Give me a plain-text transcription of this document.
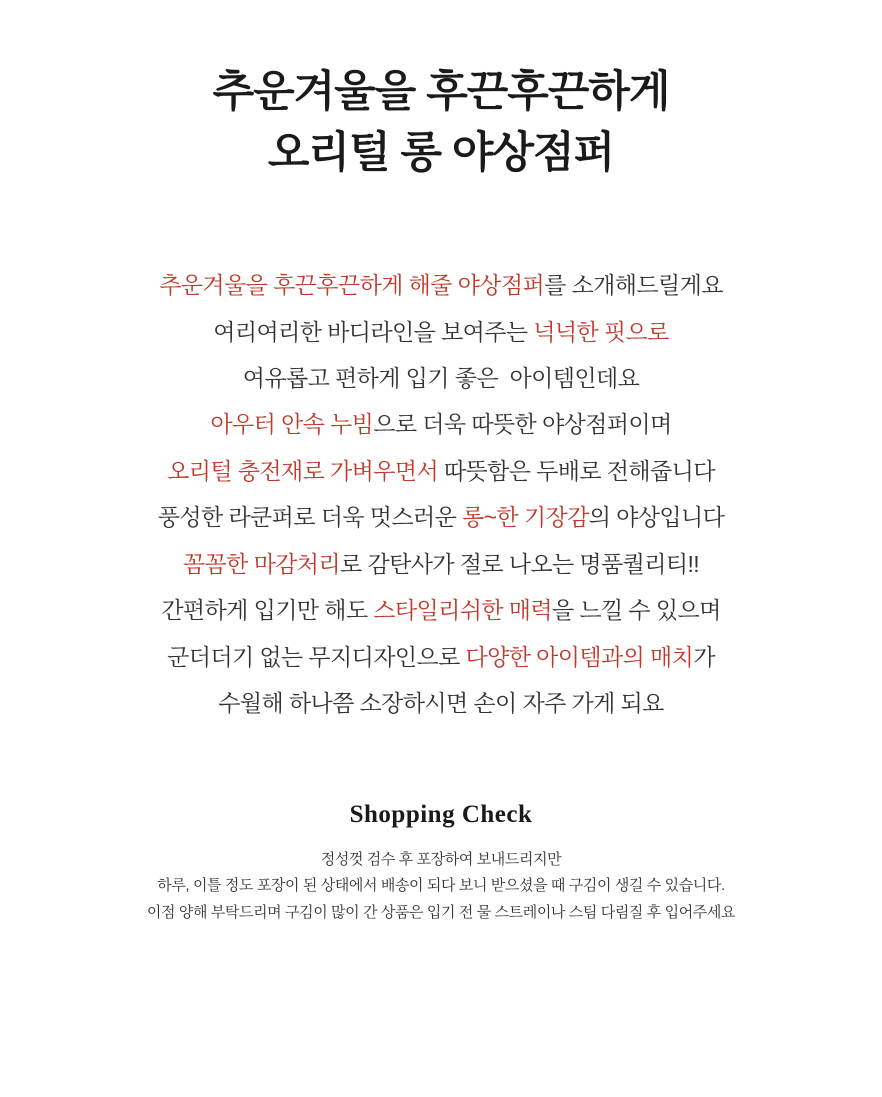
추운겨울을 후끈후끈하게
오리털 롱 야상점퍼
추운겨울을 후끈후끈하게 해줄 야상점퍼를 소개해드릴게요
여리여리한 바디라인을 보여주는 넉넉한 핏으로
여유롭고 편하게 입기 좋은  아이템인데요
아우터 안속 누빔으로 더욱 따뜻한 야상점퍼이며
오리털 충전재로 가벼우면서 따뜻함은 두배로 전해줍니다
풍성한 라쿤퍼로 더욱 멋스러운 롱~한 기장감의 야상입니다
꼼꼼한 마감처리로 감탄사가 절로 나오는 명품퀄리티!!
간편하게 입기만 해도 스타일리쉬한 매력을 느낄 수 있으며
군더더기 없는 무지디자인으로 다양한 아이템과의 매치가
수월해 하나쯤 소장하시면 손이 자주 가게 되요
Shopping Check
정성껏 검수 후 포장하여 보내드리지만
하루, 이틀 정도 포장이 된 상태에서 배송이 되다 보니 받으셨을 때 구김이 생길 수 있습니다.
이점 양해 부탁드리며 구김이 많이 간 상품은 입기 전 물 스트레이나 스팀 다림질 후 입어주세요
